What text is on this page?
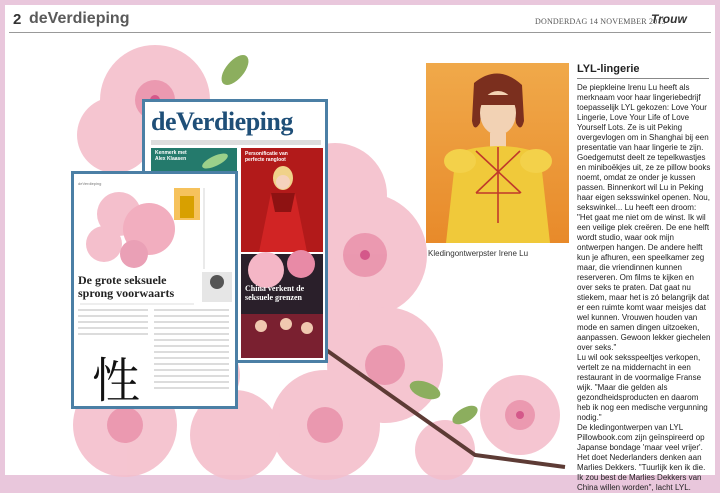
2 deVerdieping	DONDERDAG 14 NOVEMBER 2013
Trouw
deVerdieping
Kenmerk met Alex Klaasen
Personificatie van perfecte rangloot
China verkent de seksuele grenzen
deVerdieping
De grote seksuele sprong voorwaarts
性
Kledingontwerpster Irene Lu
LYL-lingerie

De piepkleine Irenu Lu heeft als merknaam voor haar lingeriebedrijf toepasselijk LYL gekozen: Love Your Lingerie, Love Your Life of Love Yourself Lots. Ze is uit Peking overgevlogen om in Shanghai bij een presentatie van haar lingerie te zijn.

Goedgemutst deelt ze tepelkwastjes en miniboëkjes uit, ze ze pillow books noemt, omdat ze onder je kussen passen. Binnenkort wil Lu in Peking haar eigen seksswinkel openen. Nou, sekswinkel... Lu heeft een droom: "Het gaat me niet om de winst. Ik wil een veilige plek creëren. De ene helft wordt studio, waar ook mijn ontwerpen hangen. De andere helft kun je afhuren, een speelkamer zeg maar, die vriendinnen kunnen reserveren. Om films te kijken en over seks te praten. Dat gaat nu stiekem, maar het is zó belangrijk dat er een ruimte komt waar meisjes dat wel kunnen. Vrouwen houden van mode en samen dingen uitzoeken, aanpassen. Gewoon lekker giechelen over seks."

Lu wil ook seksspeeltjes verkopen, vertelt ze na middernacht in een restaurant in de voormalige Franse wijk. "Maar die gelden als gezondheidsproducten en daarom heb ik nog een medische vergunning nodig."

De kledingontwerpen van LYL Pillowbook.com zijn geïnspireerd op Japanse bondage 'maar veel vrijer'. Het doet Nederlanders denken aan Marlies Dekkers. "Tuurlijk ken ik die. Ik zou best de Marlies Dekkers van China willen worden", lacht LYL.
